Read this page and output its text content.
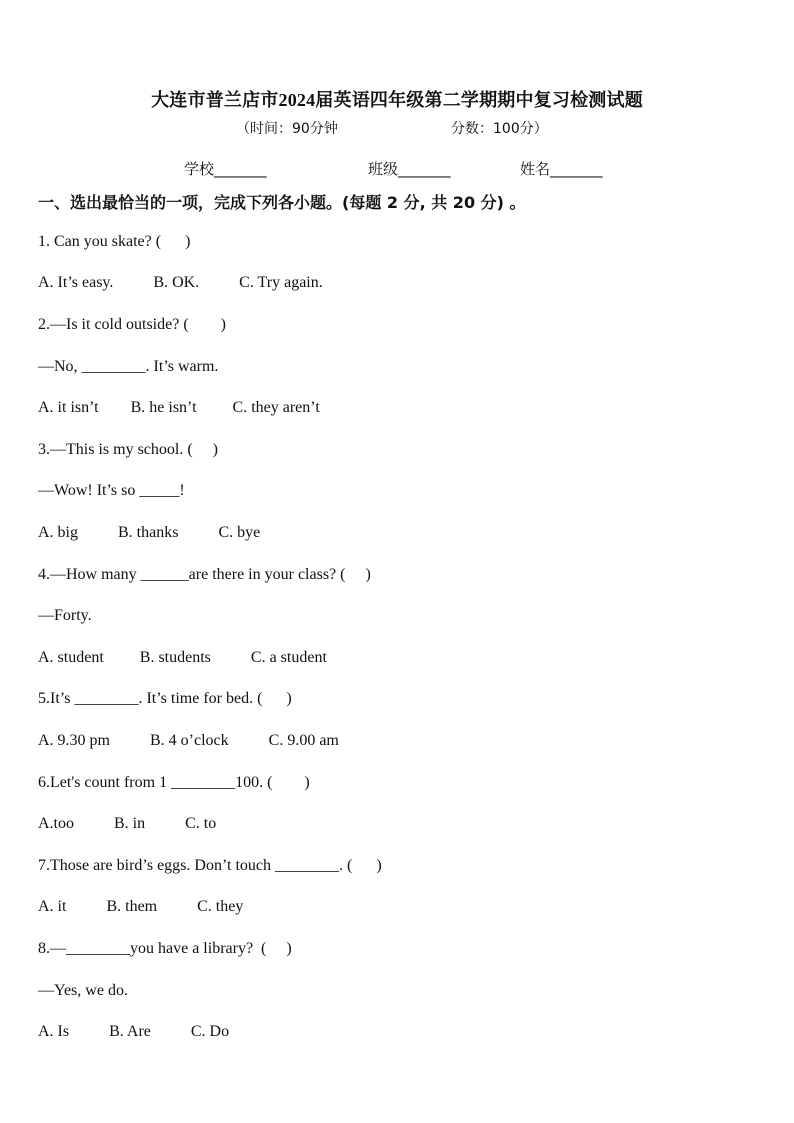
大连市普兰店市2024届英语四年级第二学期期中复习检测试题
（时间：90分钟	分数：100分）
学校_______	班级_______	姓名_______
一、选出最恰当的一项，完成下列各小题。(每题 2 分, 共 20 分) 。
1. Can you skate? (      )
A. It’s easy.          B. OK.          C. Try again.
2.—Is it cold outside? (        )
—No, ________. It’s warm.
A. it isn’t        B. he isn’t         C. they aren’t
3.—This is my school. (     )
—Wow! It’s so _____!
A. big          B. thanks          C. bye
4.—How many ______are there in your class? (     )
—Forty.
A. student         B. students          C. a student
5.It’s ________. It’s time for bed. (      )
A. 9.30 pm          B. 4 o’clock          C. 9.00 am
6.Let's count from 1 ________100. (        )
A.too          B. in          C. to
7.Those are bird’s eggs. Don’t touch ________. (      )
A. it          B. them          C. they
8.—________you have a library?  (     )
—Yes, we do.
A. Is          B. Are          C. Do
